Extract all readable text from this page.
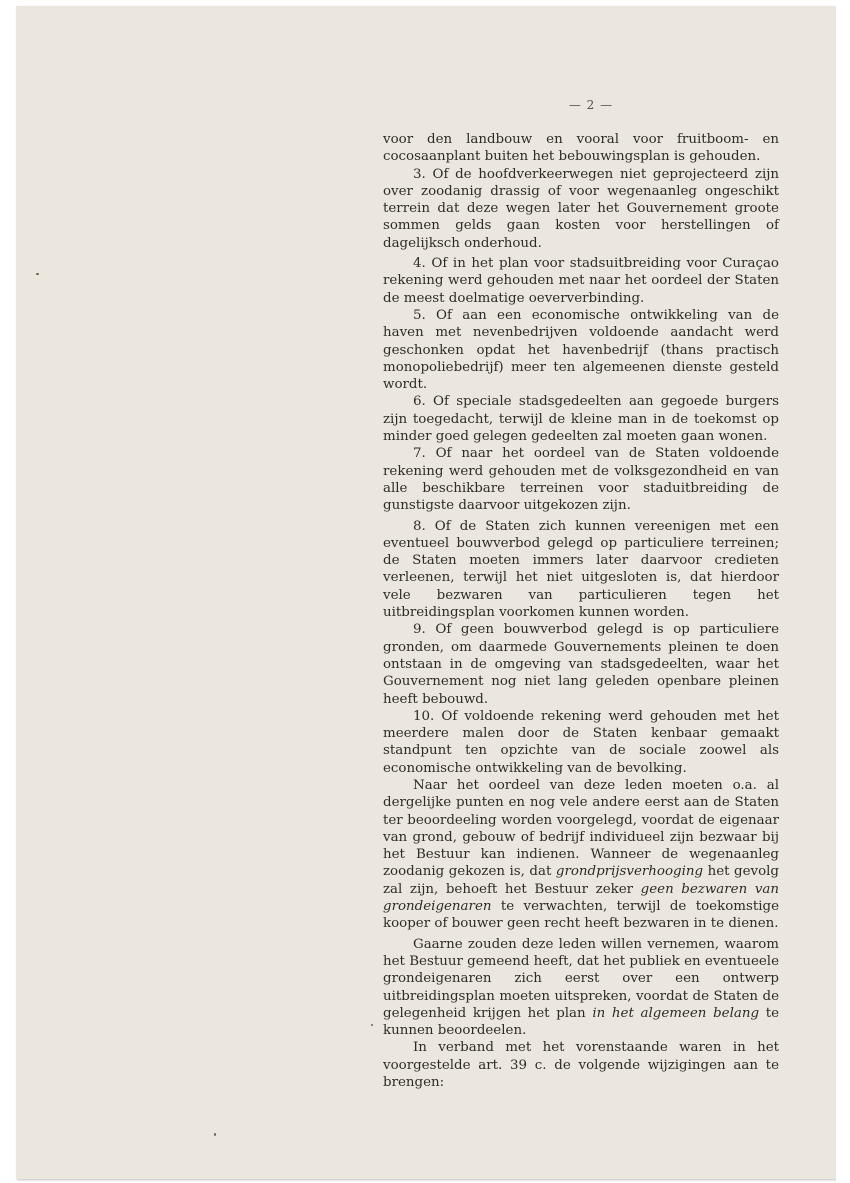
— 2 —

voor den landbouw en vooral voor fruitboom- en cocosaanplant buiten het bebouwingsplan is gehouden.

3. Of de hoofdverkeerwegen niet geprojecteerd zijn over zoodanig drassig of voor wegenaanleg ongeschikt terrein dat deze wegen later het Gouvernement groote sommen gelds gaan kosten voor herstellingen of dagelijksch onderhoud.

4. Of in het plan voor stadsuitbreiding voor Curaçao rekening werd gehouden met naar het oordeel der Staten de meest doelmatige oeververbinding.

5. Of aan een economische ontwikkeling van de haven met nevenbedrijven voldoende aandacht werd geschonken opdat het havenbedrijf (thans practisch monopoliebedrijf) meer ten algemeenen dienste gesteld wordt.

6. Of speciale stadsgedeelten aan gegoede burgers zijn toegedacht, terwijl de kleine man in de toekomst op minder goed gelegen gedeelten zal moeten gaan wonen.

7. Of naar het oordeel van de Staten voldoende rekening werd gehouden met de volksgezondheid en van alle beschikbare terreinen voor staduitbreiding de gunstigste daarvoor uitgekozen zijn.

8. Of de Staten zich kunnen vereenigen met een eventueel bouwverbod gelegd op particuliere terreinen; de Staten moeten immers later daarvoor credieten verleenen, terwijl het niet uitgesloten is, dat hierdoor vele bezwaren van particulieren tegen het uitbreidingsplan voorkomen kunnen worden.

9. Of geen bouwverbod gelegd is op particuliere gronden, om daarmede Gouvernements pleinen te doen ontstaan in de omgeving van stadsgedeelten, waar het Gouvernement nog niet lang geleden openbare pleinen heeft bebouwd.

10. Of voldoende rekening werd gehouden met het meerdere malen door de Staten kenbaar gemaakt standpunt ten opzichte van de sociale zoowel als economische ontwikkeling van de bevolking.

Naar het oordeel van deze leden moeten o.a. al dergelijke punten en nog vele andere eerst aan de Staten ter beoordeeling worden voorgelegd, voordat de eigenaar van grond, gebouw of bedrijf individueel zijn bezwaar bij het Bestuur kan indienen. Wanneer de wegenaanleg zoodanig gekozen is, dat grondprijsverhooging het gevolg zal zijn, behoeft het Bestuur zeker geen bezwaren van grondeigenaren te verwachten, terwijl de toekomstige kooper of bouwer geen recht heeft bezwaren in te dienen.

Gaarne zouden deze leden willen vernemen, waarom het Bestuur gemeend heeft, dat het publiek en eventueele grondeigenaren zich eerst over een ontwerp uitbreidingsplan moeten uitspreken, voordat de Staten de gelegenheid krijgen het plan in het algemeen belang te kunnen beoordeelen.

In verband met het vorenstaande waren in het voorgestelde art. 39 c. de volgende wijzigingen aan te brengen:
